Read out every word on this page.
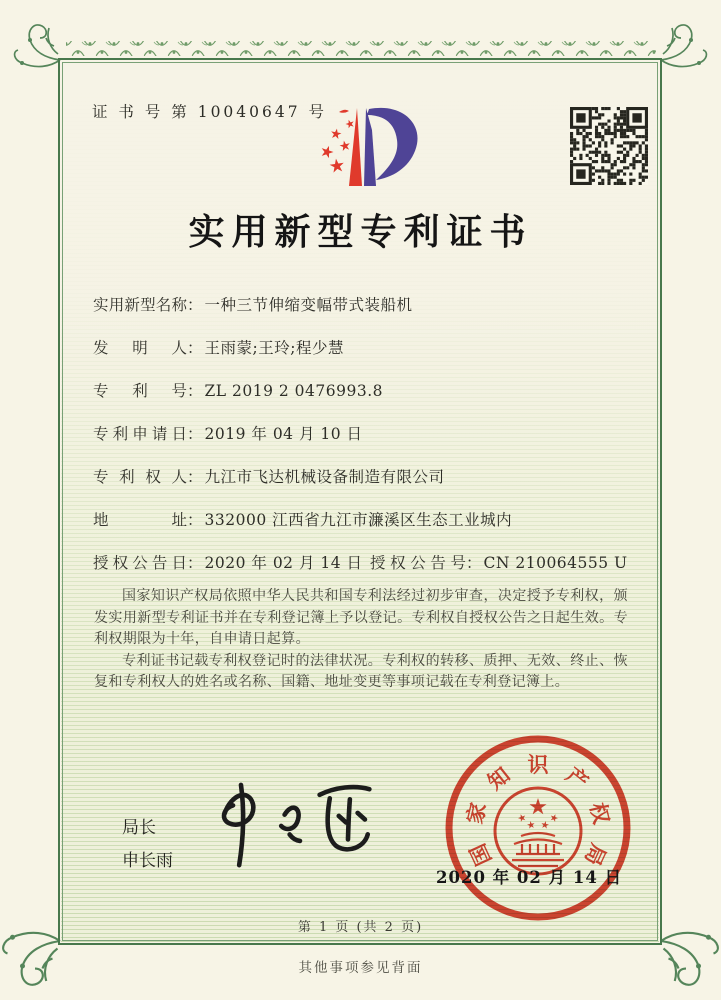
证 书 号 第 10040647 号
实用新型专利证书
实用新型名称： 一种三节伸缩变幅带式装船机
发明人： 王雨蒙;王玲;程少慧
专利号： ZL 2019 2 0476993.8
专利申请日： 2019 年 04 月 10 日
专利权人： 九江市飞达机械设备制造有限公司
地址： 332000 江西省九江市濂溪区生态工业城内
授权公告日： 2020 年 02 月 14 日 授权公告号： CN 210064555 U

国家知识产权局依照中华人民共和国专利法经过初步审查，决定授予专利权，颁发实用新型专利证书并在专利登记簿上予以登记。专利权自授权公告之日起生效。专利权期限为十年，自申请日起算。

专利证书记载专利权登记时的法律状况。专利权的转移、质押、无效、终止、恢复和专利权人的姓名或名称、国籍、地址变更等事项记载在专利登记簿上。

局长
申长雨	国
家
知 识 产
权
局
2020 年 02 月 14 日
第 1 页 (共 2 页)
其他事项参见背面
